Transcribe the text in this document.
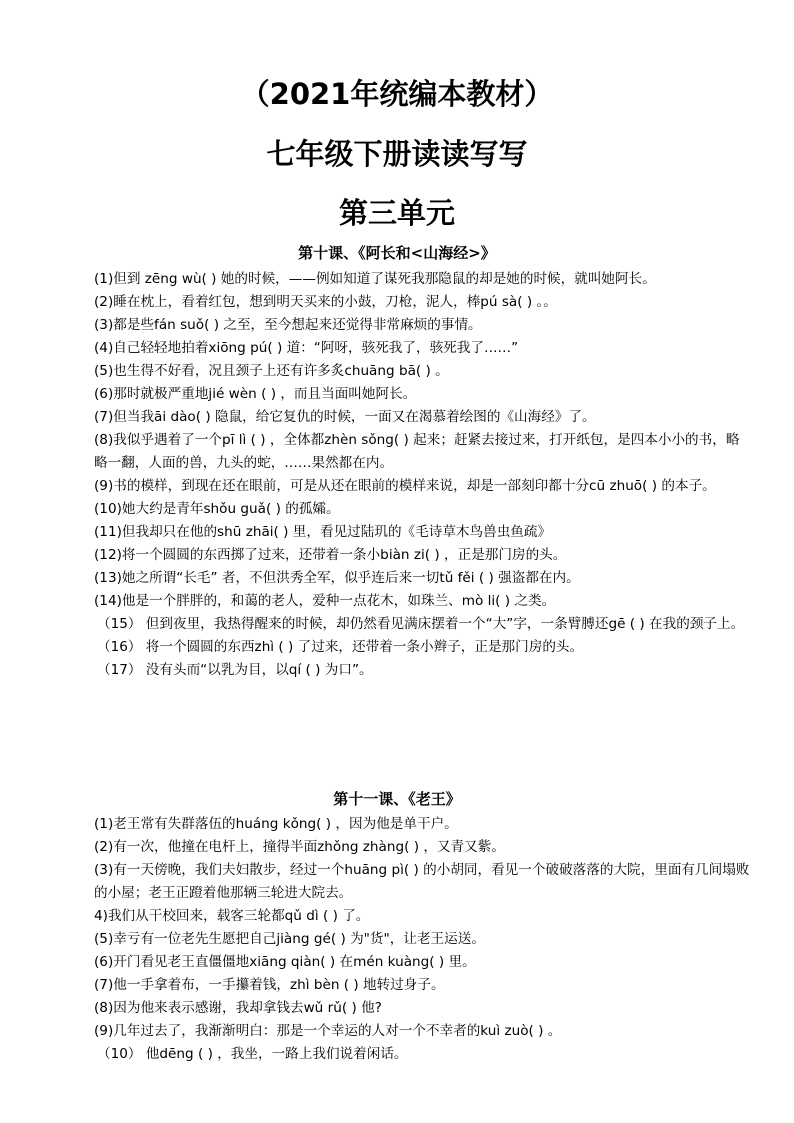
（2021年统编本教材）
七年级下册读读写写
第三单元
第十课、《阿长和<山海经>》
(1)但到 zēng wù( ) 她的时候，——例如知道了谋死我那隐鼠的却是她的时候，就叫她阿长。
(2)睡在枕上，看着红包，想到明天买来的小鼓，刀枪，泥人，棒pú sà( ) 。。
(3)都是些fán suǒ( ) 之至，至今想起来还觉得非常麻烦的事情。
(4)自己轻轻地拍着xiōng pú( ) 道：“阿呀，骇死我了，骇死我了……”
(5)也生得不好看，况且颈子上还有许多炙chuāng bā( ) 。
(6)那时就极严重地jié wèn ( ) ，而且当面叫她阿长。
(7)但当我āi dào( ) 隐鼠，给它复仇的时候，一面又在渴慕着绘图的《山海经》了。
(8)我似乎遇着了一个pī lì ( ) ，全体都zhèn sǒng( ) 起来；赶紧去接过来，打开纸包，是四本小小的书，略略一翻，人面的兽，九头的蛇，……果然都在内。
(9)书的模样，到现在还在眼前，可是从还在眼前的模样来说，却是一部刻印都十分cū zhuō( ) 的本子。
(10)她大约是青年shǒu guǎ( ) 的孤孀。
(11)但我却只在他的shū zhāi( ) 里，看见过陆玑的《毛诗草木鸟兽虫鱼疏》
(12)将一个圆圆的东西掷了过来，还带着一条小biàn zi( ) ，正是那门房的头。
(13)她之所谓“长毛” 者，不但洪秀全军，似乎连后来一切tǔ fěi ( ) 强盗都在内。
(14)他是一个胖胖的，和蔼的老人，爱种一点花木，如珠兰、mò li( ) 之类。
（15） 但到夜里，我热得醒来的时候，却仍然看见满床摆着一个“大”字，一条臂膊还gē ( ) 在我的颈子上。
（16） 将一个圆圆的东西zhì ( ) 了过来，还带着一条小辫子，正是那门房的头。
（17） 没有头而“以乳为目，以qí ( ) 为口”。
第十一课、《老王》
(1)老王常有失群落伍的huáng kǒng( ) ，因为他是单干户。
(2)有一次，他撞在电杆上，撞得半面zhǒng zhàng( ) ，又青又紫。
(3)有一天傍晚，我们夫妇散步，经过一个huāng pì( ) 的小胡同，看见一个破破落落的大院，里面有几间塌败的小屋；老王正蹬着他那辆三轮进大院去。
4)我们从干校回来，载客三轮都qǔ dì ( ) 了。
(5)幸亏有一位老先生愿把自己jiàng gé( ) 为"货"，让老王运送。
(6)开门看见老王直僵僵地xiāng qiàn( ) 在mén kuàng( ) 里。
(7)他一手拿着布，一手攥着钱，zhì bèn ( ) 地转过身子。
(8)因为他来表示感谢，我却拿钱去wǔ rǔ( ) 他?
(9)几年过去了，我渐渐明白：那是一个幸运的人对一个不幸者的kuì zuò( ) 。
（10） 他dēng ( ) ，我坐，一路上我们说着闲话。
